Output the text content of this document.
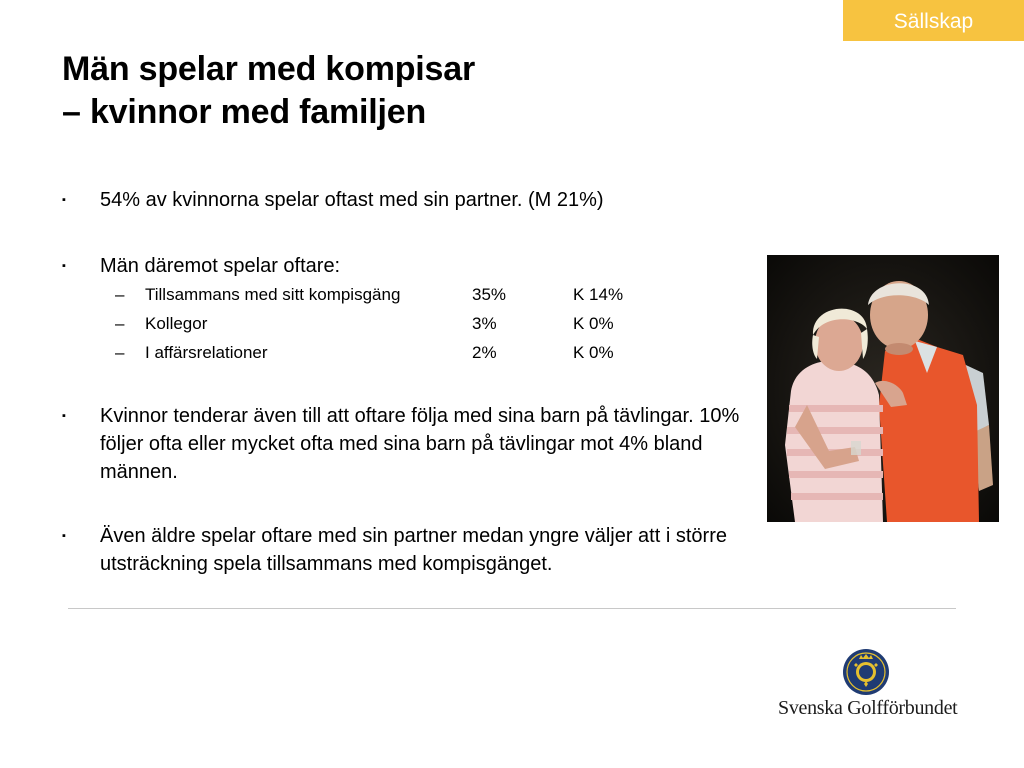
Sällskap
Män spelar med kompisar
– kvinnor med familjen
▪	54% av kvinnorna spelar oftast med sin partner. (M 21%)
▪	Män däremot spelar oftare:
– Tillsammans med sitt kompisgäng	35%	K 14%
– Kollegor	3%	K 0%
– I affärsrelationer	2%	K 0%
▪	Kvinnor tenderar även till att oftare följa med sina barn på tävlingar. 10% följer ofta eller mycket ofta med sina barn på tävlingar mot 4% bland männen.
▪	Även äldre spelar oftare med sin partner medan yngre väljer att i större utsträckning spela tillsammans med kompisgänget.
Svenska Golfförbundet
